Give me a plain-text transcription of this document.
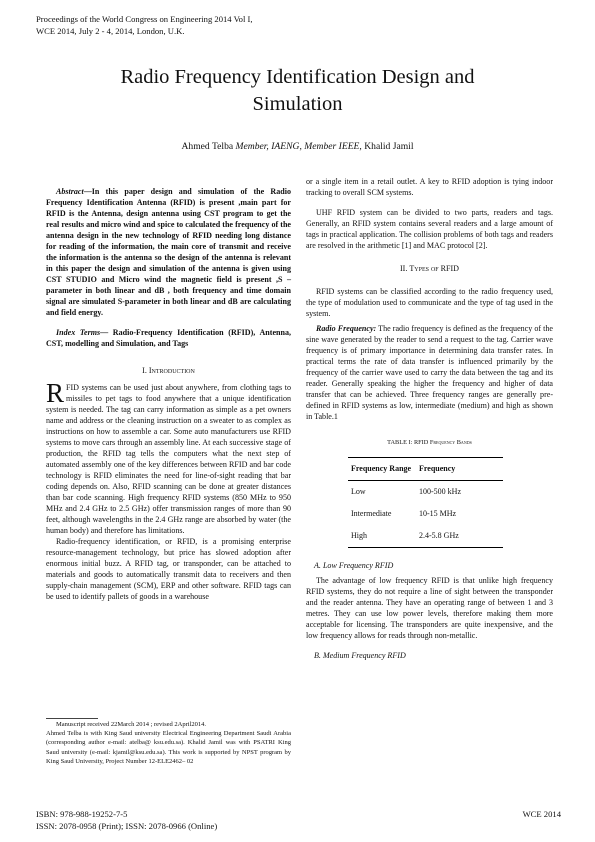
Proceedings of the World Congress on Engineering 2014 Vol I,
WCE 2014, July 2 - 4, 2014, London, U.K.
Radio Frequency Identification Design and
Simulation
Ahmed Telba Member, IAENG, Member IEEE, Khalid Jamil

Abstract—In this paper design and simulation of the Radio Frequency Identification Antenna (RFID) is present ,main part for RFID is the Antenna, design antenna using CST program to get the real results and micro wind and spice to calculated the frequency of the antenna design in the new technology of RFID needing long distance for reading of the information, the main core of transmit and receive the information is the antenna so the design of the antenna is relevant in this paper the design and simulation of the antenna is given using CST STUDIO and Micro wind the magnetic field is present ,S – parameter in both linear and dB , both frequency and time domain signal are simulated S-parameter in both linear and dB are calculating and field energy.

Index Terms— Radio-Frequency Identification (RFID), Antenna, CST, modelling and Simulation, and Tags

I. Introduction

RFID systems can be used just about anywhere, from clothing tags to missiles to pet tags to food anywhere that a unique identification system is needed. The tag can carry information as simple as a pet owners name and address or the cleaning instruction on a sweater to as complex as instructions on how to assemble a car. Some auto manufacturers use RFID systems to move cars through an assembly line. At each successive stage of production, the RFID tag tells the computers what the next step of automated assembly one of the key differences between RFID and bar code technology is RFID eliminates the need for line-of-sight reading that bar coding depends on. Also, RFID scanning can be done at greater distances than bar code scanning. High frequency RFID systems (850 MHz to 950 MHz and 2.4 GHz to 2.5 GHz) offer transmission ranges of more than 90 feet, although wavelengths in the 2.4 GHz range are absorbed by water (the human body) and therefore has limitations.

Radio-frequency identification, or RFID, is a promising enterprise resource-management technology, but price has slowed adoption after enormous initial buzz. A RFID tag, or transponder, can be attached to materials and goods to automatically transmit data to receivers and then supply-chain management (SCM), ERP and other software. RFID tags can be used to identify pallets of goods in a warehouse

or a single item in a retail outlet. A key to RFID adoption is tying indoor tracking to overall SCM systems.

UHF RFID system can be divided to two parts, readers and tags. Generally, an RFID system contains several readers and a large amount of tags in practical application. The collision problems of both tags and readers are resolved in the arithmetic [1] and MAC protocol [2].

II. Types of RFID

RFID systems can be classified according to the radio frequency used, the type of modulation used to communicate and the type of tag used in the system.

Radio Frequency: The radio frequency is defined as the frequency of the sine wave generated by the reader to send a request to the tag. Carrier wave frequency is of primary importance in determining data transfer rates. In practical terms the rate of data transfer is influenced primarily by the frequency of the carrier wave used to carry the data between the tag and its reader. Generally speaking the higher the frequency and higher of data transfer that can be achieved. Three frequency ranges are generally pre-defined in RFID systems as low, intermediate (medium) and high as shown in Table.1

TABLE I: RFID Frequency Bands

Frequency Range	Frequency
Low	100-500 kHz
Intermediate	10-15 MHz
High	2.4-5.8 GHz

A. Low Frequency RFID

The advantage of low frequency RFID is that unlike high frequency RFID systems, they do not require a line of sight between the transponder and the reader antenna. They have an operating range of between 1 and 3 metres. They can use low power levels, therefore making them more acceptable for licensing. The transponders are quite inexpensive, and the low frequency allows for reads through non-metallic.

B. Medium Frequency RFID

Manuscript received 22March 2014 ; revised 2April2014.

Ahmed Telba is with King Saud university Electrical Engineering Department Saudi Arabia (corresponding author e-mail: atelba@ ksu.edu.sa). Khalid Jamil was with PSATRI King Saud university (e-mail: kjamil@ksu.edu.sa). This work is supported by NPST program by King Saud University, Project Number 12-ELE2462– 02

ISBN: 978-988-19252-7-5
ISSN: 2078-0958 (Print); ISSN: 2078-0966 (Online)
WCE 2014
